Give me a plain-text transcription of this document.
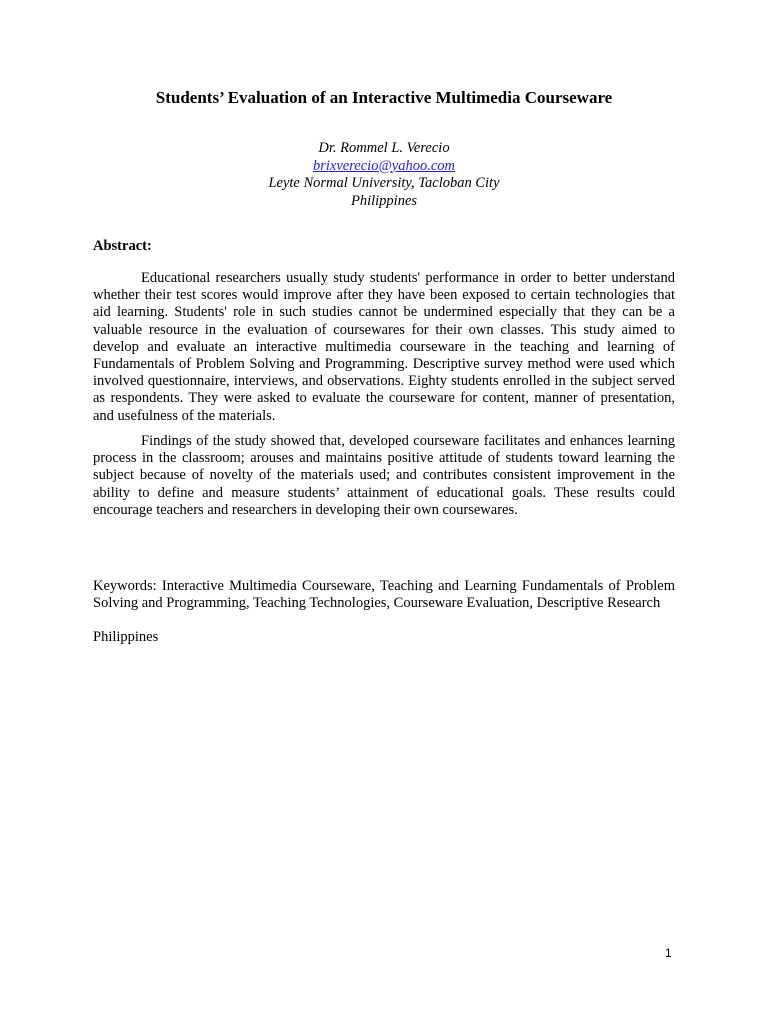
Students’ Evaluation of an Interactive Multimedia Courseware
Dr. Rommel L. Verecio
brixverecio@yahoo.com
Leyte Normal University, Tacloban City
Philippines
Abstract:
Educational researchers usually study students' performance in order to better understand whether their test scores would improve after they have been exposed to certain technologies that aid learning. Students' role in such studies cannot be undermined especially that they can be a valuable resource in the evaluation of coursewares for their own classes. This study aimed to develop and evaluate an interactive multimedia courseware in the teaching and learning of Fundamentals of Problem Solving and Programming. Descriptive survey method were used which involved questionnaire, interviews, and observations. Eighty students enrolled in the subject served as respondents. They were asked to evaluate the courseware for content, manner of presentation, and usefulness of the materials.
Findings of the study showed that, developed courseware facilitates and enhances learning process in the classroom; arouses and maintains positive attitude of students toward learning the subject because of novelty of the materials used; and contributes consistent improvement in the ability to define and measure students’ attainment of educational goals. These results could encourage teachers and researchers in developing their own coursewares.
Keywords: Interactive Multimedia Courseware, Teaching and Learning Fundamentals of Problem Solving and Programming, Teaching Technologies, Courseware Evaluation, Descriptive Research
Philippines
1
